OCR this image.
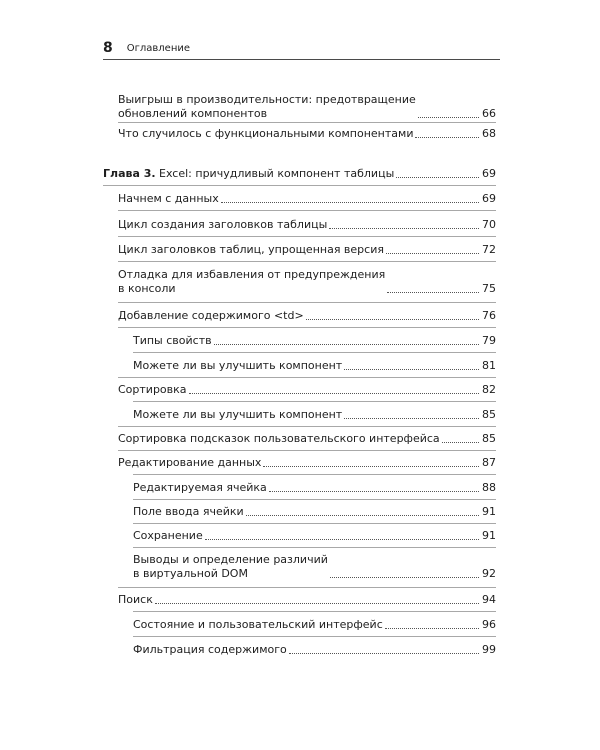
8 Оглавление
Выигрыш в производительности: предотвращение
обновлений компонентов	66
Что случилось с функциональными компонентами	68
Глава 3. Excel: причудливый компонент таблицы	69
Начнем с данных	69
Цикл создания заголовков таблицы	70
Цикл заголовков таблиц, упрощенная версия	72
Отладка для избавления от предупреждения
в консоли	75
Добавление содержимого <td>	76
Типы свойств	79
Можете ли вы улучшить компонент	81
Сортировка	82
Можете ли вы улучшить компонент	85
Сортировка подсказок пользовательского интерфейса	85
Редактирование данных	87
Редактируемая ячейка	88
Поле ввода ячейки	91
Сохранение	91
Выводы и определение различий
в виртуальной DOM	92
Поиск	94
Состояние и пользовательский интерфейс	96
Фильтрация содержимого	99
